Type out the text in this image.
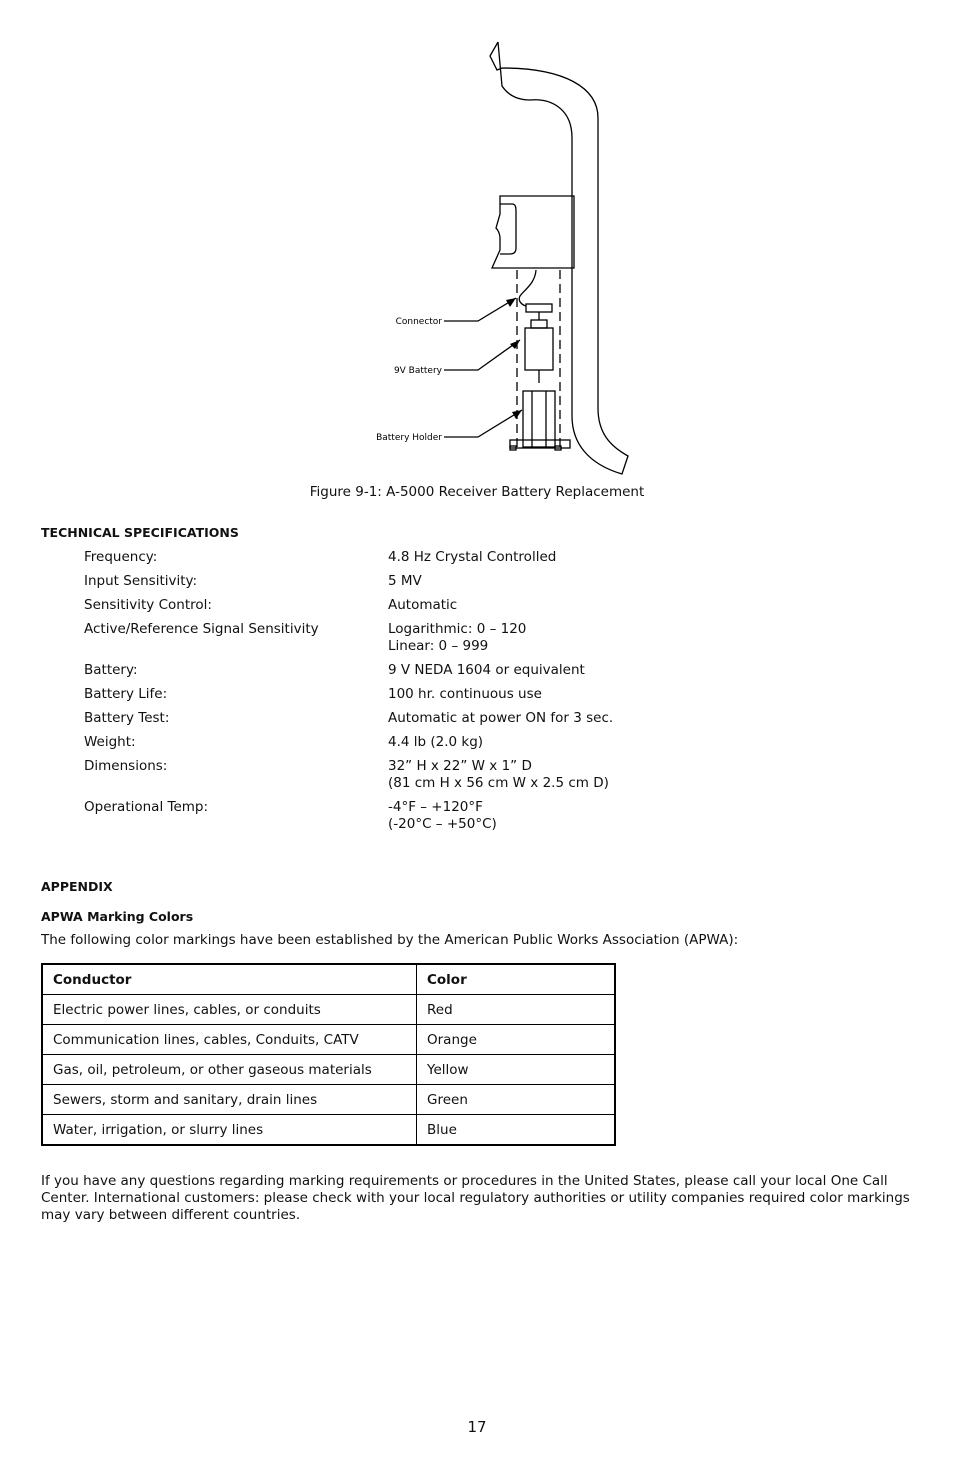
Connector
9V Battery
Battery Holder
Figure 9-1: A-5000 Receiver Battery Replacement
TECHNICAL SPECIFICATIONS
Frequency:	4.8 Hz Crystal Controlled
Input Sensitivity:	5 MV
Sensitivity Control:	Automatic
Active/Reference Signal Sensitivity	Logarithmic: 0 – 120
Linear: 0 – 999
Battery:	9 V NEDA 1604 or equivalent
Battery Life:	100 hr. continuous use
Battery Test:	Automatic at power ON for 3 sec.
Weight:	4.4 lb (2.0 kg)
Dimensions:	32” H x 22” W x 1” D
(81 cm H x 56 cm W x 2.5 cm D)
Operational Temp:	-4°F – +120°F
(-20°C – +50°C)
APPENDIX
APWA Marking Colors
The following color markings have been established by the American Public Works Association (APWA):
Conductor	Color
Electric power lines, cables, or conduits	Red
Communication lines, cables, Conduits, CATV	Orange
Gas, oil, petroleum, or other gaseous materials	Yellow
Sewers, storm and sanitary, drain lines	Green
Water, irrigation, or slurry lines	Blue
If you have any questions regarding marking requirements or procedures in the United States, please call your local One Call Center. International customers: please check with your local regulatory authorities or utility companies required color markings may vary between different countries.
17
